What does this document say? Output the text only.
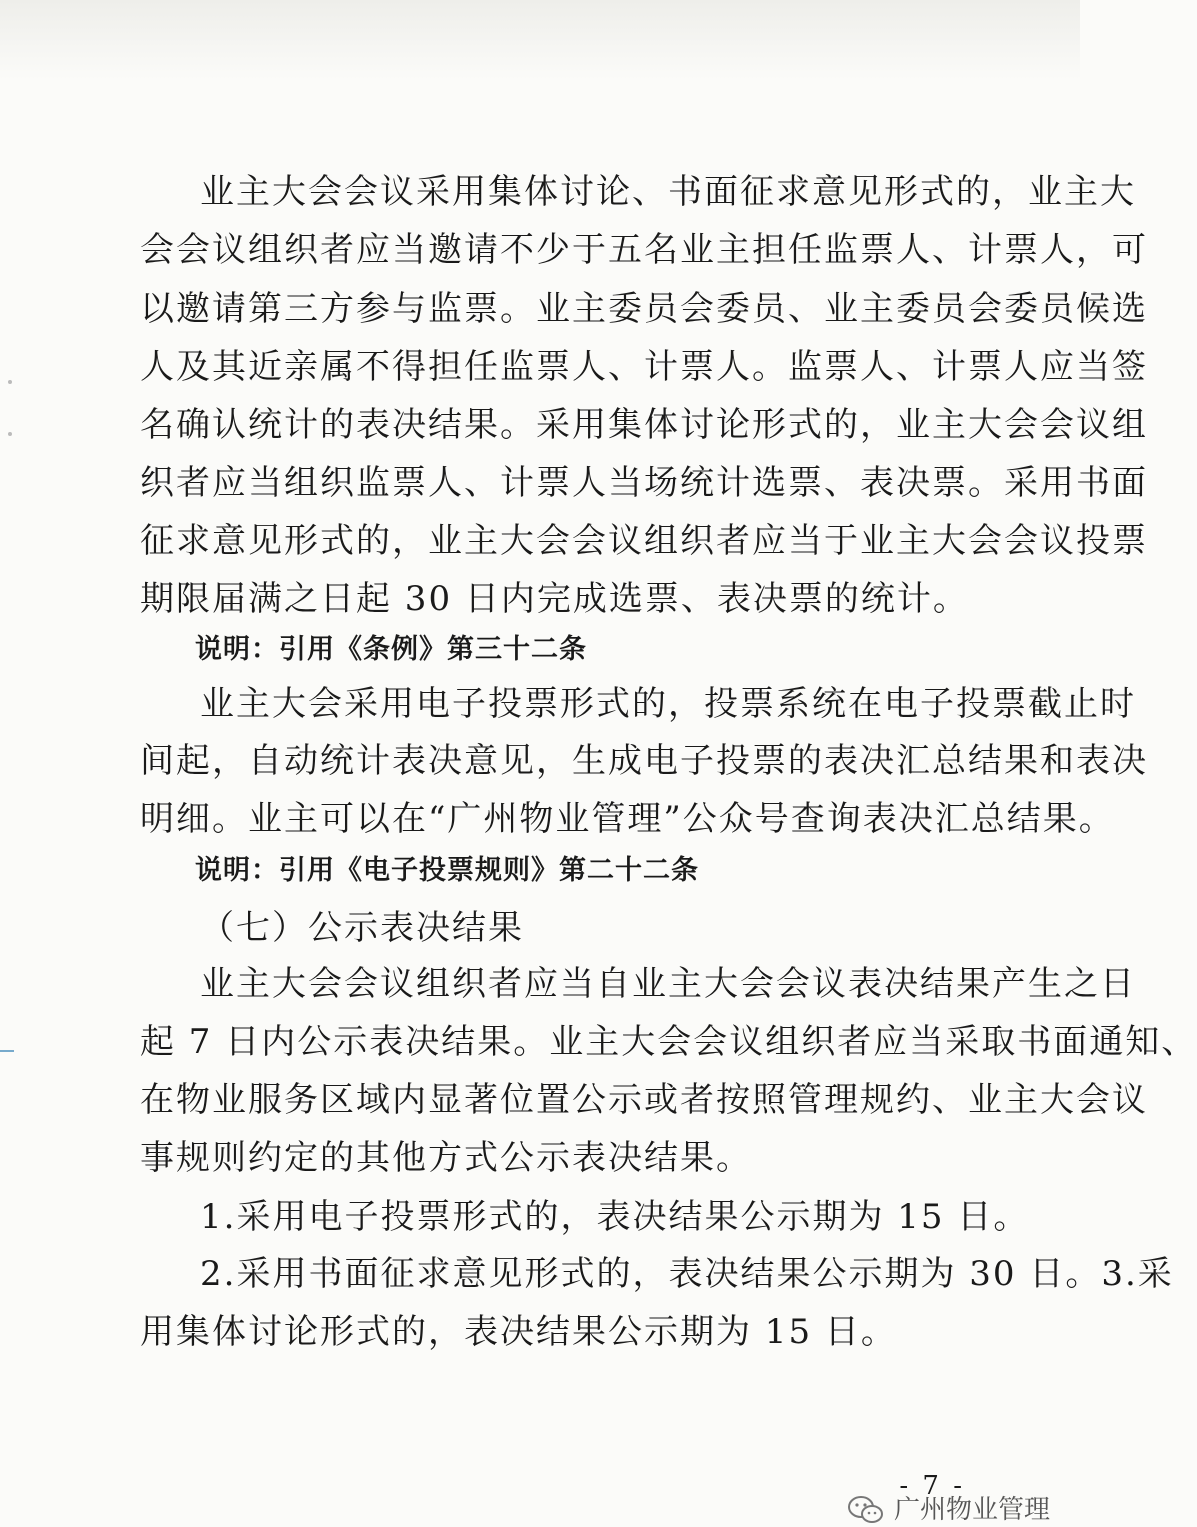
业主大会会议采用集体讨论、书面征求意见形式的，业主大
会会议组织者应当邀请不少于五名业主担任监票人、计票人，可
以邀请第三方参与监票。业主委员会委员、业主委员会委员候选
人及其近亲属不得担任监票人、计票人。监票人、计票人应当签
名确认统计的表决结果。采用集体讨论形式的，业主大会会议组
织者应当组织监票人、计票人当场统计选票、表决票。采用书面
征求意见形式的，业主大会会议组织者应当于业主大会会议投票
期限届满之日起 30 日内完成选票、表决票的统计。
说明：引用《条例》第三十二条
业主大会采用电子投票形式的，投票系统在电子投票截止时
间起，自动统计表决意见，生成电子投票的表决汇总结果和表决
明细。业主可以在“广州物业管理”公众号查询表决汇总结果。
说明：引用《电子投票规则》第二十二条
（七）公示表决结果
业主大会会议组织者应当自业主大会会议表决结果产生之日
起 7 日内公示表决结果。业主大会会议组织者应当采取书面通知、
在物业服务区域内显著位置公示或者按照管理规约、业主大会议
事规则约定的其他方式公示表决结果。
1.采用电子投票形式的，表决结果公示期为 15 日。
2.采用书面征求意见形式的，表决结果公示期为 30 日。3.采
用集体讨论形式的，表决结果公示期为 15 日。
- 7 -
广州物业管理
